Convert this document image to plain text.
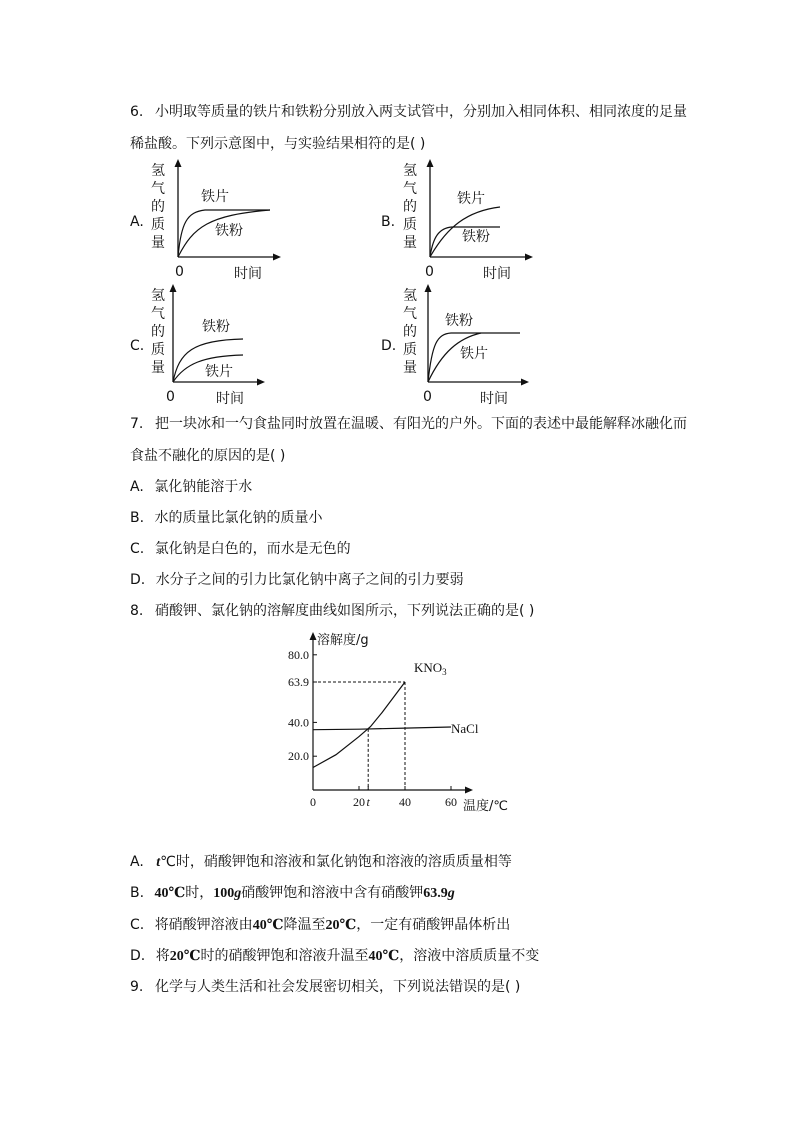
6. 小明取等质量的铁片和铁粉分别放入两支试管中，分别加入相同体积、相同浓度的足量
稀盐酸。下列示意图中，与实验结果相符的是( )
A.
氢
气
的
质
量
铁片
铁粉
0	时间
B.
氢
气
的
质
量
铁片
铁粉
0	时间
C.
氢
气
的
质
量
铁粉
铁片
0	时间
D.
氢
气
的
质
量
铁粉
铁片
0	时间
7. 把一块冰和一勺食盐同时放置在温暖、有阳光的户外。下面的表述中最能解释冰融化而
食盐不融化的原因的是( )
A. 氯化钠能溶于水
B. 水的质量比氯化钠的质量小
C. 氯化钠是白色的，而水是无色的
D. 水分子之间的引力比氯化钠中离子之间的引力要弱
8. 硝酸钾、氯化钠的溶解度曲线如图所示，下列说法正确的是( )
溶解度/g
温度/℃
20.0
40.0
63.9
80.0
0	20 t 40	60
$KNO_3$
NaCl
A. t℃时，硝酸钾饱和溶液和氯化钠饱和溶液的溶质质量相等
B. 40℃时，100g硝酸钾饱和溶液中含有硝酸钾63.9g
C. 将硝酸钾溶液由40℃降温至20℃，一定有硝酸钾晶体析出
D. 将20℃时的硝酸钾饱和溶液升温至40℃，溶液中溶质质量不变
9. 化学与人类生活和社会发展密切相关，下列说法错误的是( )
